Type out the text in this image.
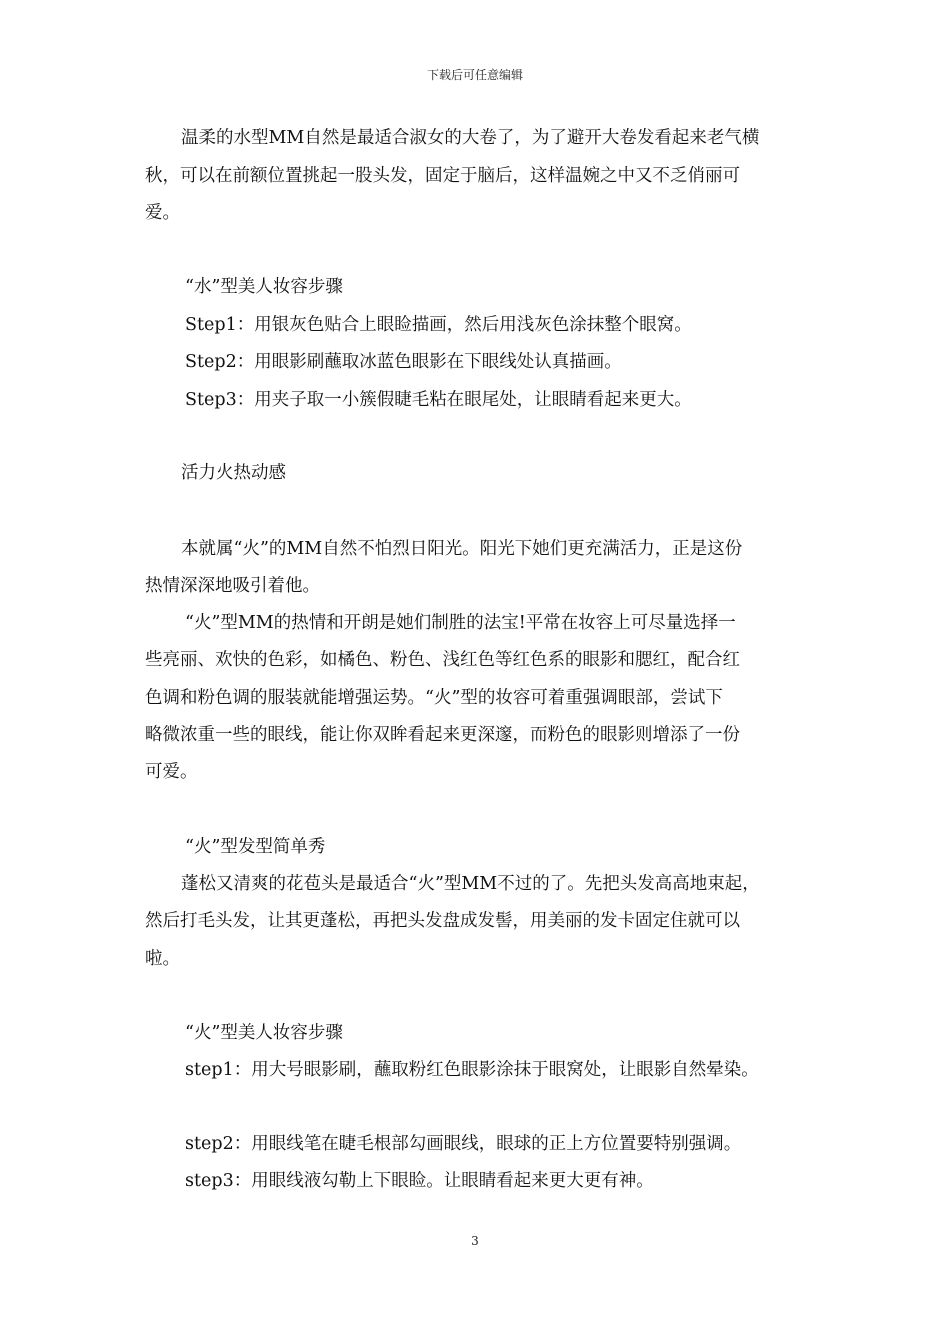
下载后可任意编辑
温柔的水型MM自然是最适合淑女的大卷了，为了避开大卷发看起来老气横
秋，可以在前额位置挑起一股头发，固定于脑后，这样温婉之中又不乏俏丽可
爱。
“水”型美人妆容步骤
Step1：用银灰色贴合上眼睑描画，然后用浅灰色涂抹整个眼窝。
Step2：用眼影刷蘸取冰蓝色眼影在下眼线处认真描画。
Step3：用夹子取一小簇假睫毛粘在眼尾处，让眼睛看起来更大。
活力火热动感
本就属“火”的MM自然不怕烈日阳光。阳光下她们更充满活力，正是这份
热情深深地吸引着他。
“火”型MM的热情和开朗是她们制胜的法宝!平常在妆容上可尽量选择一
些亮丽、欢快的色彩，如橘色、粉色、浅红色等红色系的眼影和腮红，配合红
色调和粉色调的服装就能增强运势。“火”型的妆容可着重强调眼部，尝试下
略微浓重一些的眼线，能让你双眸看起来更深邃，而粉色的眼影则增添了一份
可爱。
“火”型发型简单秀
蓬松又清爽的花苞头是最适合“火”型MM不过的了。先把头发高高地束起，
然后打毛头发，让其更蓬松，再把头发盘成发髻，用美丽的发卡固定住就可以
啦。
“火”型美人妆容步骤
step1：用大号眼影刷，蘸取粉红色眼影涂抹于眼窝处，让眼影自然晕染。
step2：用眼线笔在睫毛根部勾画眼线，眼球的正上方位置要特别强调。
step3：用眼线液勾勒上下眼睑。让眼睛看起来更大更有神。
3
